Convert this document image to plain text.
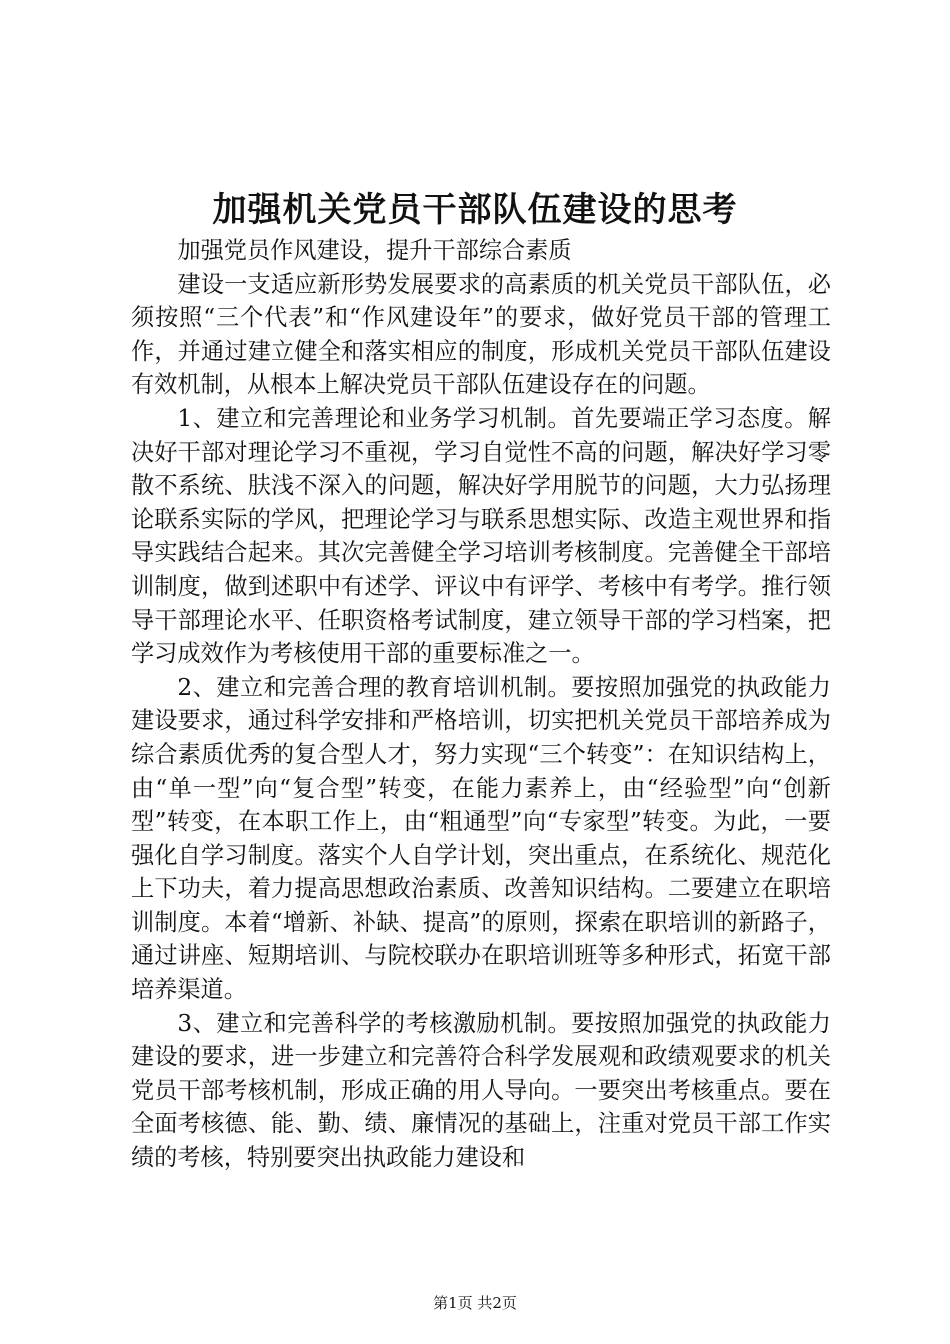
加强机关党员干部队伍建设的思考

加强党员作风建设，提升干部综合素质

建设一支适应新形势发展要求的高素质的机关党员干部队伍，必须按照“三个代表”和“作风建设年”的要求，做好党员干部的管理工作，并通过建立健全和落实相应的制度，形成机关党员干部队伍建设有效机制，从根本上解决党员干部队伍建设存在的问题。

1、建立和完善理论和业务学习机制。首先要端正学习态度。解决好干部对理论学习不重视，学习自觉性不高的问题，解决好学习零散不系统、肤浅不深入的问题，解决好学用脱节的问题，大力弘扬理论联系实际的学风，把理论学习与联系思想实际、改造主观世界和指导实践结合起来。其次完善健全学习培训考核制度。完善健全干部培训制度，做到述职中有述学、评议中有评学、考核中有考学。推行领导干部理论水平、任职资格考试制度，建立领导干部的学习档案，把学习成效作为考核使用干部的重要标准之一。

2、建立和完善合理的教育培训机制。要按照加强党的执政能力建设要求，通过科学安排和严格培训，切实把机关党员干部培养成为综合素质优秀的复合型人才，努力实现“三个转变”：在知识结构上，由“单一型”向“复合型”转变，在能力素养上，由“经验型”向“创新型”转变，在本职工作上，由“粗通型”向“专家型”转变。为此，一要强化自学习制度。落实个人自学计划，突出重点，在系统化、规范化上下功夫，着力提高思想政治素质、改善知识结构。二要建立在职培训制度。本着“增新、补缺、提高”的原则，探索在职培训的新路子，通过讲座、短期培训、与院校联办在职培训班等多种形式，拓宽干部培养渠道。

3、建立和完善科学的考核激励机制。要按照加强党的执政能力建设的要求，进一步建立和完善符合科学发展观和政绩观要求的机关党员干部考核机制，形成正确的用人导向。一要突出考核重点。要在全面考核德、能、勤、绩、廉情况的基础上，注重对党员干部工作实绩的考核，特别要突出执政能力建设和

第1页 共2页
